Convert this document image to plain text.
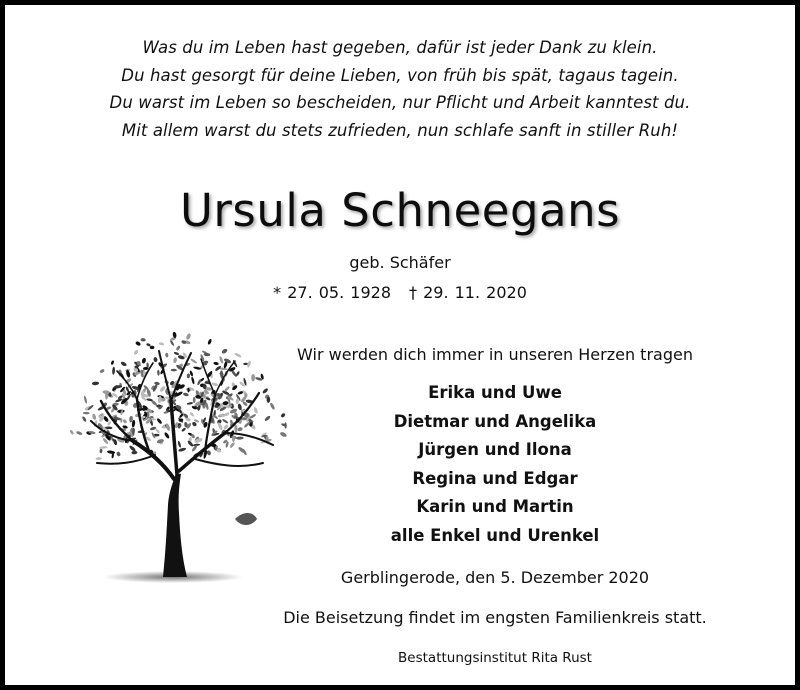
Was du im Leben hast gegeben, dafür ist jeder Dank zu klein.
Du hast gesorgt für deine Lieben, von früh bis spät, tagaus tagein.
Du warst im Leben so bescheiden, nur Pflicht und Arbeit kanntest du.
Mit allem warst du stets zufrieden, nun schlafe sanft in stiller Ruh!
Ursula Schneegans
geb. Schäfer
* 27. 05. 1928 † 29. 11. 2020
Wir werden dich immer in unseren Herzen tragen
Erika und Uwe
Dietmar und Angelika
Jürgen und Ilona
Regina und Edgar
Karin und Martin
alle Enkel und Urenkel
Gerblingerode, den 5. Dezember 2020
Die Beisetzung findet im engsten Familienkreis statt.
Bestattungsinstitut Rita Rust
